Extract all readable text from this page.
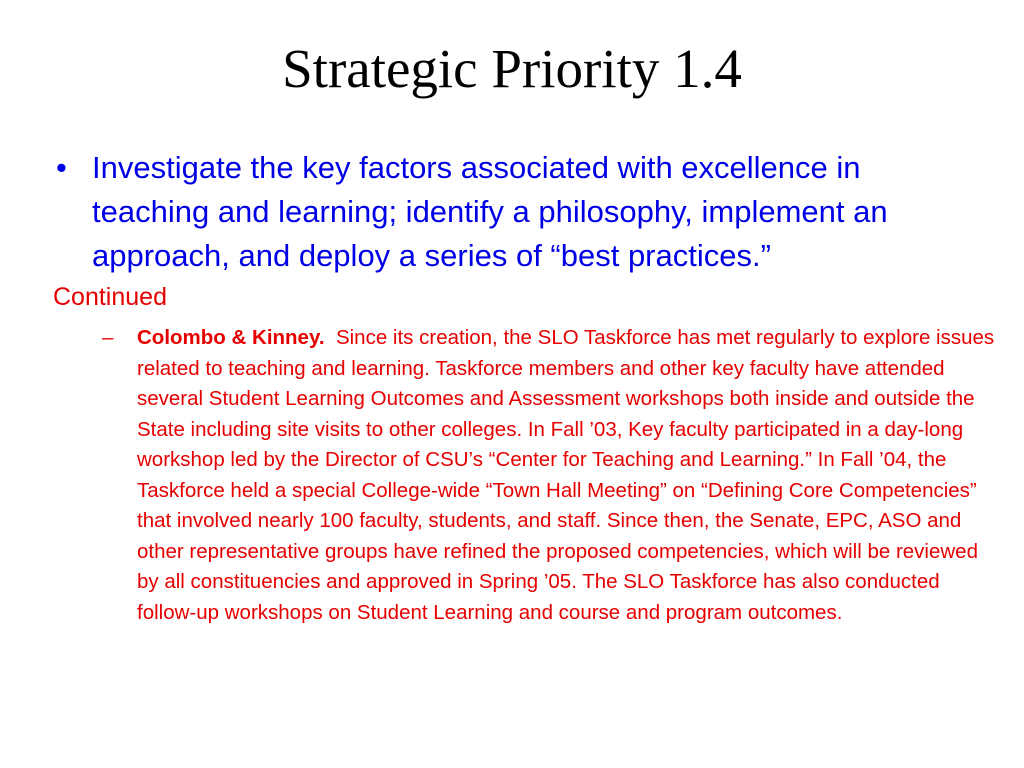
Strategic Priority 1.4
• Investigate the key factors associated with excellence in teaching and learning; identify a philosophy, implement an approach, and deploy a series of “best practices.”
Continued
–	Colombo & Kinney. Since its creation, the SLO Taskforce has met regularly to explore issues related to teaching and learning. Taskforce members and other key faculty have attended several Student Learning Outcomes and Assessment workshops both inside and outside the State including site visits to other colleges. In Fall ’03, Key faculty participated in a day-long workshop led by the Director of CSU’s “Center for Teaching and Learning.” In Fall ’04, the Taskforce held a special College-wide “Town Hall Meeting” on “Defining Core Competencies” that involved nearly 100 faculty, students, and staff. Since then, the Senate, EPC, ASO and other representative groups have refined the proposed competencies, which will be reviewed by all constituencies and approved in Spring ’05. The SLO Taskforce has also conducted follow-up workshops on Student Learning and course and program outcomes.
